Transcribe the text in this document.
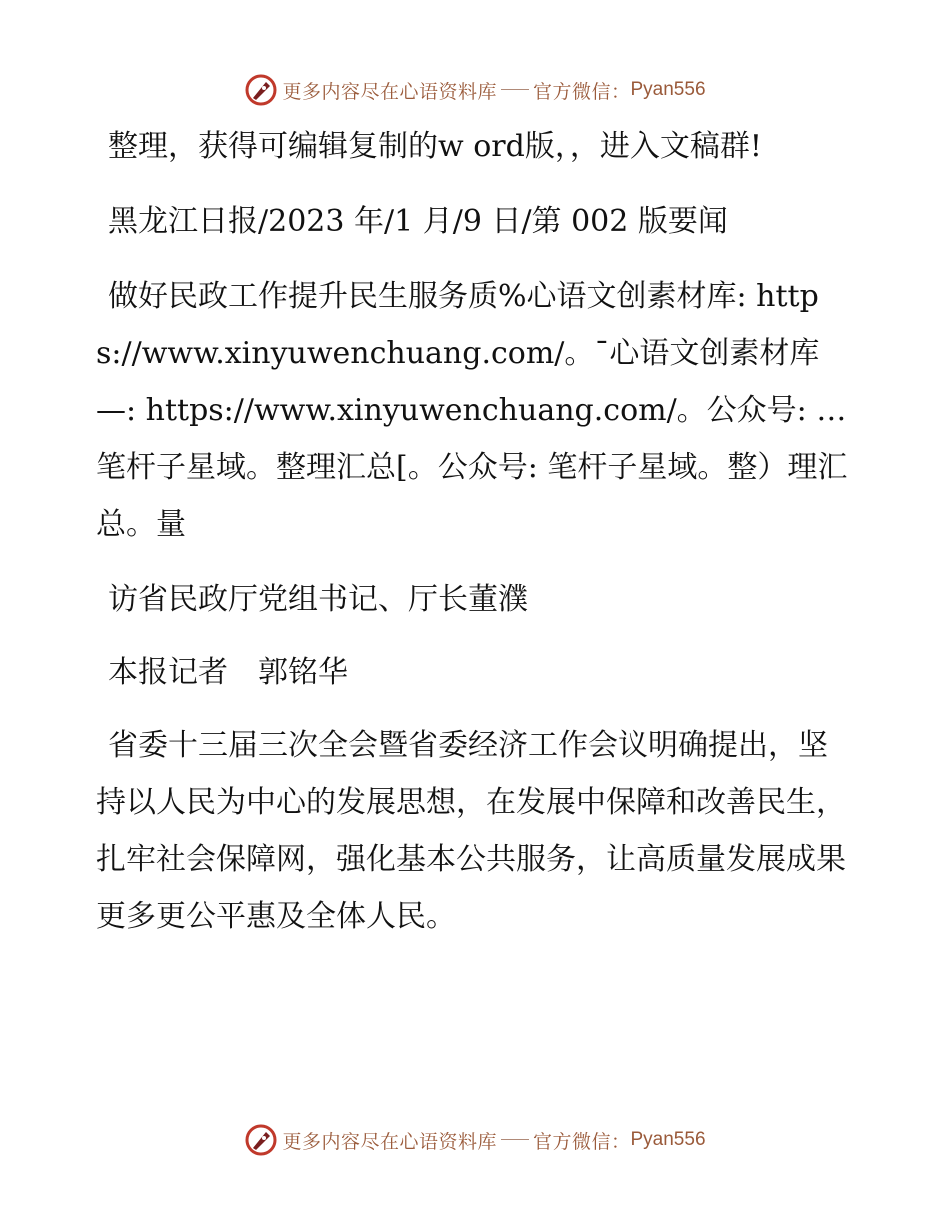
更多内容尽在心语资料库 官方微信： Pyan556

整理，获得可编辑复制的w ord版，，进入文稿群!

黑龙江日报/2023 年/1 月/9 日/第 002 版要闻

做好民政工作提升民生服务质%心语文创素材库: https://www.xinyuwenchuang.com/。¯心语文创素材库—: https://www.xinyuwenchuang.com/。公众号: …笔杆子星域。整理汇总[。公众号: 笔杆子星域。整）理汇总。量

访省民政厅党组书记、厅长董濮

本报记者　郭铭华

省委十三届三次全会暨省委经济工作会议明确提出，坚持以人民为中心的发展思想，在发展中保障和改善民生，扎牢社会保障网，强化基本公共服务，让高质量发展成果更多更公平惠及全体人民。

更多内容尽在心语资料库 官方微信： Pyan556
